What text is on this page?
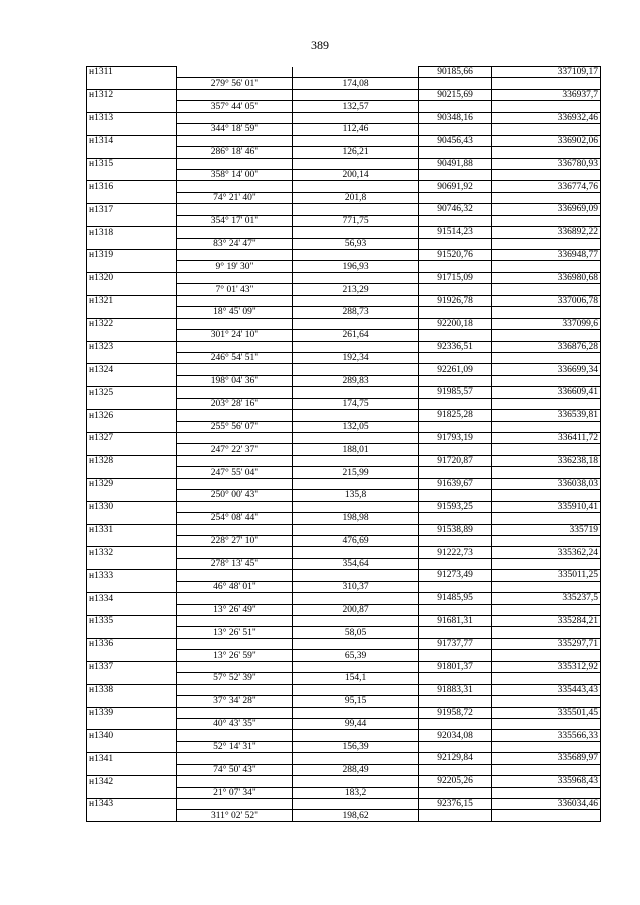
389
н1311			90185,66	337109,17
	279° 56' 01"	174,08		
н1312			90215,69	336937,7
	357° 44' 05"	132,57		
н1313			90348,16	336932,46
	344° 18' 59"	112,46		
н1314			90456,43	336902,06
	286° 18' 46"	126,21		
н1315			90491,88	336780,93
	358° 14' 00"	200,14		
н1316			90691,92	336774,76
	74° 21' 40"	201,8		
н1317			90746,32	336969,09
	354° 17' 01"	771,75		
н1318			91514,23	336892,22
	83° 24' 47"	56,93		
н1319			91520,76	336948,77
	9° 19' 30"	196,93		
н1320			91715,09	336980,68
	7° 01' 43"	213,29		
н1321			91926,78	337006,78
	18° 45' 09"	288,73		
н1322			92200,18	337099,6
	301° 24' 10"	261,64		
н1323			92336,51	336876,28
	246° 54' 51"	192,34		
н1324			92261,09	336699,34
	198° 04' 36"	289,83		
н1325			91985,57	336609,41
	203° 28' 16"	174,75		
н1326			91825,28	336539,81
	255° 56' 07"	132,05		
н1327			91793,19	336411,72
	247° 22' 37"	188,01		
н1328			91720,87	336238,18
	247° 55' 04"	215,99		
н1329			91639,67	336038,03
	250° 00' 43"	135,8		
н1330			91593,25	335910,41
	254° 08' 44"	198,98		
н1331			91538,89	335719
	228° 27' 10"	476,69		
н1332			91222,73	335362,24
	278° 13' 45"	354,64		
н1333			91273,49	335011,25
	46° 48' 01"	310,37		
н1334			91485,95	335237,5
	13° 26' 49"	200,87		
н1335			91681,31	335284,21
	13° 26' 51"	58,05		
н1336			91737,77	335297,71
	13° 26' 59"	65,39		
н1337			91801,37	335312,92
	57° 52' 39"	154,1		
н1338			91883,31	335443,43
	37° 34' 28"	95,15		
н1339			91958,72	335501,45
	40° 43' 35"	99,44		
н1340			92034,08	335566,33
	52° 14' 31"	156,39		
н1341			92129,84	335689,97
	74° 50' 43"	288,49		
н1342			92205,26	335968,43
	21° 07' 34"	183,2		
н1343			92376,15	336034,46
	311° 02' 52"	198,62		
